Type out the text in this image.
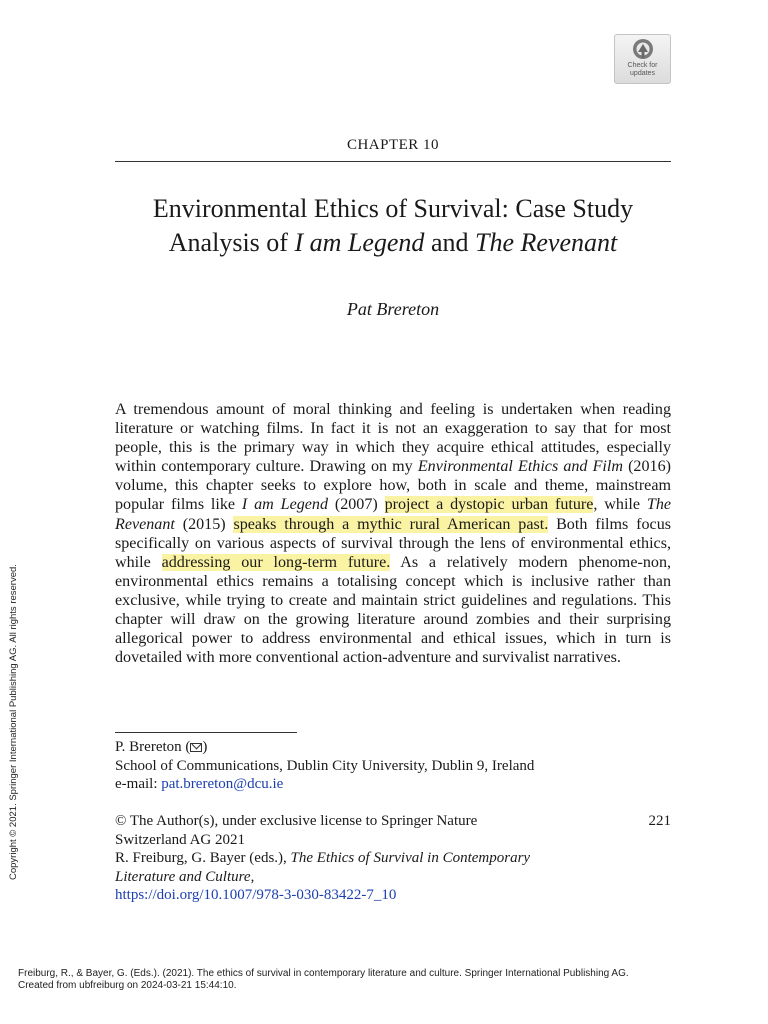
Check for
updates
CHAPTER 10
Environmental Ethics of Survival: Case Study
Analysis of I am Legend and The Revenant
Pat Brereton
A tremendous amount of moral thinking and feeling is undertaken when reading literature or watching films. In fact it is not an exaggeration to say that for most people, this is the primary way in which they acquire ethical attitudes, especially within contemporary culture. Drawing on my Environmental Ethics and Film (2016) volume, this chapter seeks to explore how, both in scale and theme, mainstream popular films like I am Legend (2007) project a dystopic urban future, while The Revenant (2015) speaks through a mythic rural American past. Both films focus specifically on various aspects of survival through the lens of environmental ethics, while addressing our long-term future. As a relatively modern phenome-non, environmental ethics remains a totalising concept which is inclusive rather than exclusive, while trying to create and maintain strict guidelines and regulations. This chapter will draw on the growing literature around zombies and their surprising allegorical power to address environmental and ethical issues, which in turn is dovetailed with more conventional action-adventure and survivalist narratives.
P. Brereton ( )
School of Communications, Dublin City University, Dublin 9, Ireland
e-mail: pat.brereton@dcu.ie
© The Author(s), under exclusive license to Springer Nature
Switzerland AG 2021
R. Freiburg, G. Bayer (eds.), The Ethics of Survival in Contemporary
Literature and Culture,
https://doi.org/10.1007/978-3-030-83422-7_10
221
Copyright © 2021. Springer International Publishing AG. All rights reserved.
Freiburg, R., & Bayer, G. (Eds.). (2021). The ethics of survival in contemporary literature and culture. Springer International Publishing AG.
Created from ubfreiburg on 2024-03-21 15:44:10.
